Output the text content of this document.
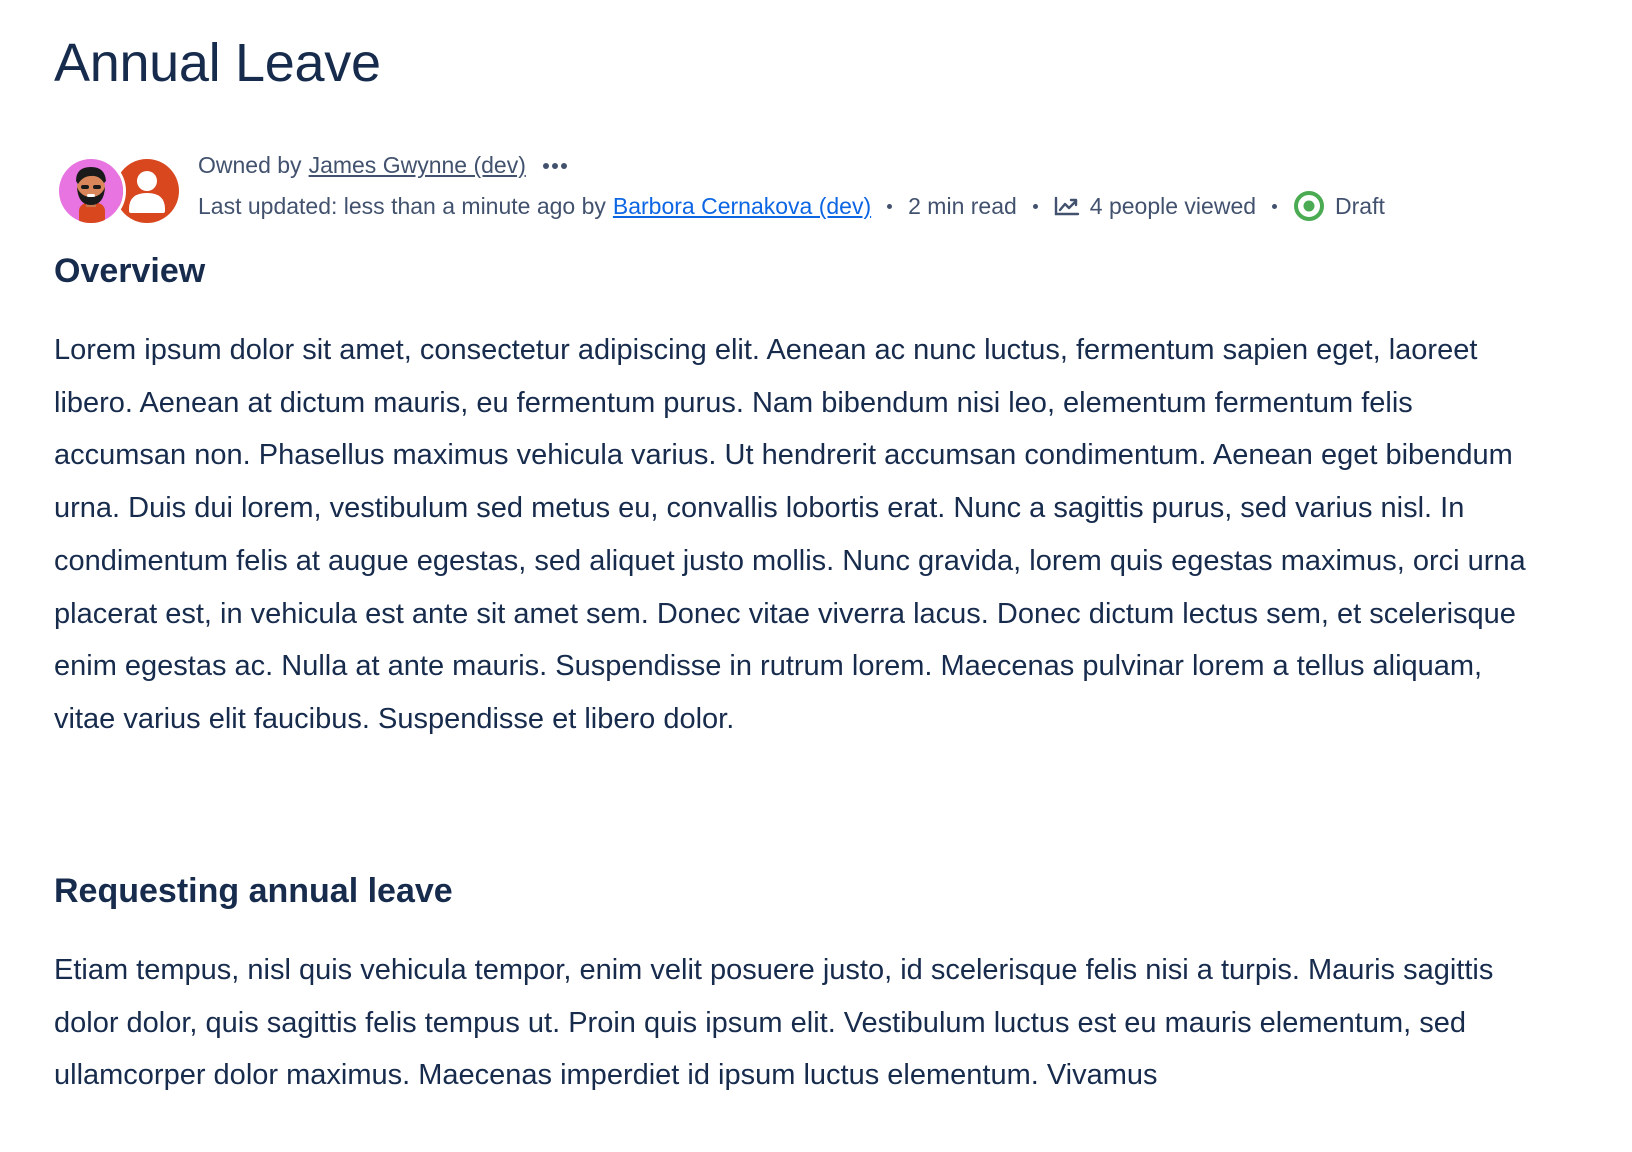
Annual Leave
Owned by James Gwynne (dev)
Last updated: less than a minute ago by Barbora Cernakova (dev) 2 min read	4 people viewed	Draft
Overview

Lorem ipsum dolor sit amet, consectetur adipiscing elit. Aenean ac nunc luctus, fermentum sapien eget, laoreet libero. Aenean at dictum mauris, eu fermentum purus. Nam bibendum nisi leo, elementum fermentum felis accumsan non. Phasellus maximus vehicula varius. Ut hendrerit accumsan condimentum. Aenean eget bibendum urna. Duis dui lorem, vestibulum sed metus eu, convallis lobortis erat. Nunc a sagittis purus, sed varius nisl. In condimentum felis at augue egestas, sed aliquet justo mollis. Nunc gravida, lorem quis egestas maximus, orci urna placerat est, in vehicula est ante sit amet sem. Donec vitae viverra lacus. Donec dictum lectus sem, et scelerisque enim egestas ac. Nulla at ante mauris. Suspendisse in rutrum lorem. Maecenas pulvinar lorem a tellus aliquam, vitae varius elit faucibus. Suspendisse et libero dolor.

Requesting annual leave

Etiam tempus, nisl quis vehicula tempor, enim velit posuere justo, id scelerisque felis nisi a turpis. Mauris sagittis dolor dolor, quis sagittis felis tempus ut. Proin quis ipsum elit. Vestibulum luctus est eu mauris elementum, sed ullamcorper dolor maximus. Maecenas imperdiet id ipsum luctus elementum. Vivamus
